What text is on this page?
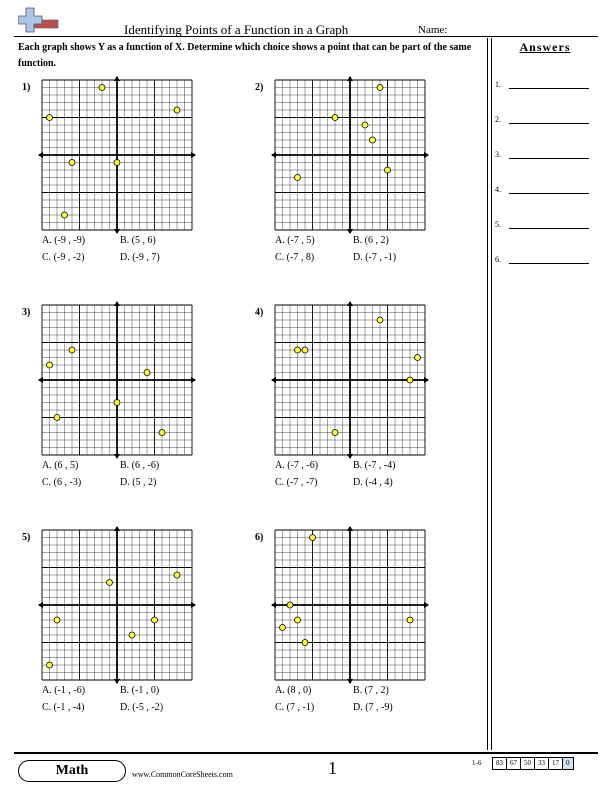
Identifying Points of a Function in a Graph	Name:
Each graph shows Y as a function of X. Determine which choice shows a point that can be part of the same function.
Answers
1.
2.
3.
4.
5.
6.
1)
A. (-9 , -9)	B. (5 , 6)
C. (-9 , -2)	D. (-9 , 7)
2)
A. (-7 , 5)	B. (6 , 2)
C. (-7 , 8)	D. (-7 , -1)
3)
A. (6 , 5)	B. (6 , -6)
C. (6 , -3)	D. (5 , 2)
4)
A. (-7 , -6)	B. (-7 , -4)
C. (-7 , -7)	D. (-4 , 4)
5)
A. (-1 , -6)	B. (-1 , 0)
C. (-1 , -4)	D. (-5 , -2)
6)
A. (8 , 0)	B. (7 , 2)
C. (7 , -1)	D. (7 , -9)
Math	www.CommonCoreSheets.com	1	1-6	83	67	50	33	17	0
